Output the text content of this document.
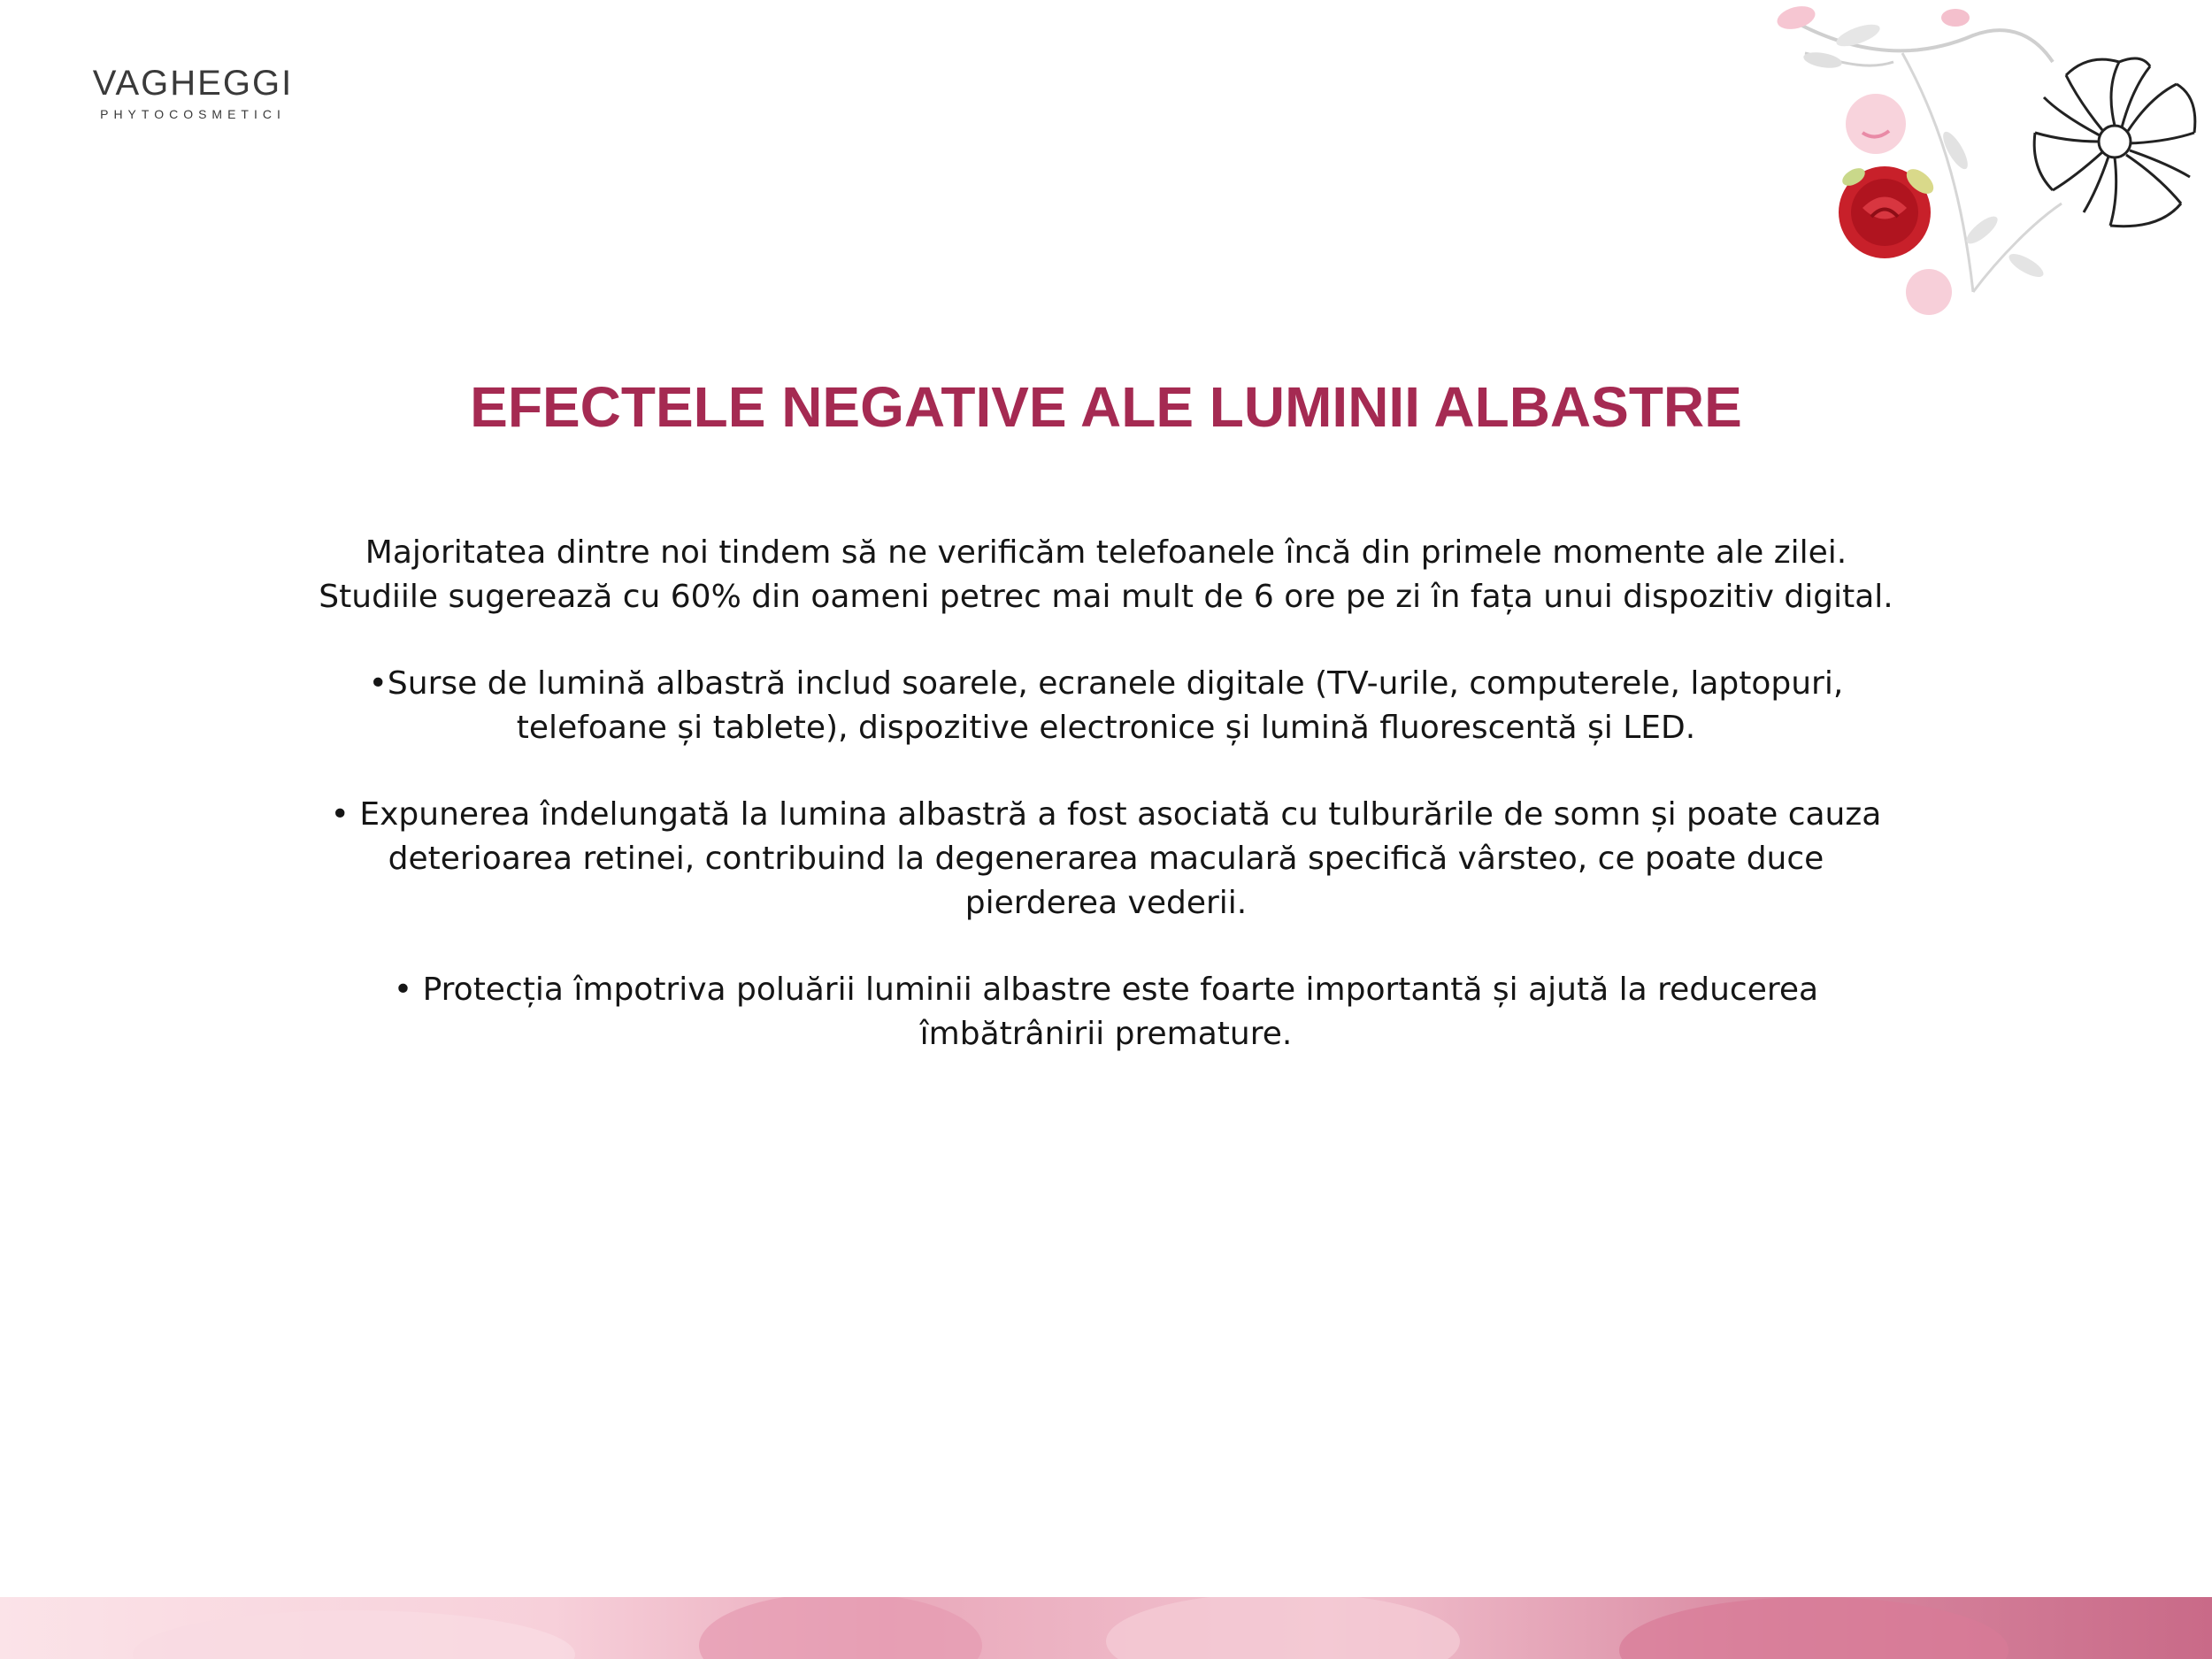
VAGHEGGI
PHYTOCOSMETICI
EFECTELE NEGATIVE ALE LUMINII ALBASTRE

Majoritatea dintre noi tindem să ne verificăm telefoanele încă din primele momente ale zilei.
Studiile sugerează cu 60% din oameni petrec mai mult de 6 ore pe zi în fața unui dispozitiv digital.

•Surse de lumină albastră includ soarele, ecranele digitale (TV-urile, computerele, laptopuri,
telefoane și tablete), dispozitive electronice și lumină fluorescentă și LED.

• Expunerea îndelungată la lumina albastră a fost asociată cu tulburările de somn și poate cauza
deterioarea retinei, contribuind la degenerarea maculară specifică vârsteo, ce poate duce
pierderea vederii.

• Protecția împotriva poluării luminii albastre este foarte importantă și ajută la reducerea
îmbătrânirii premature.
